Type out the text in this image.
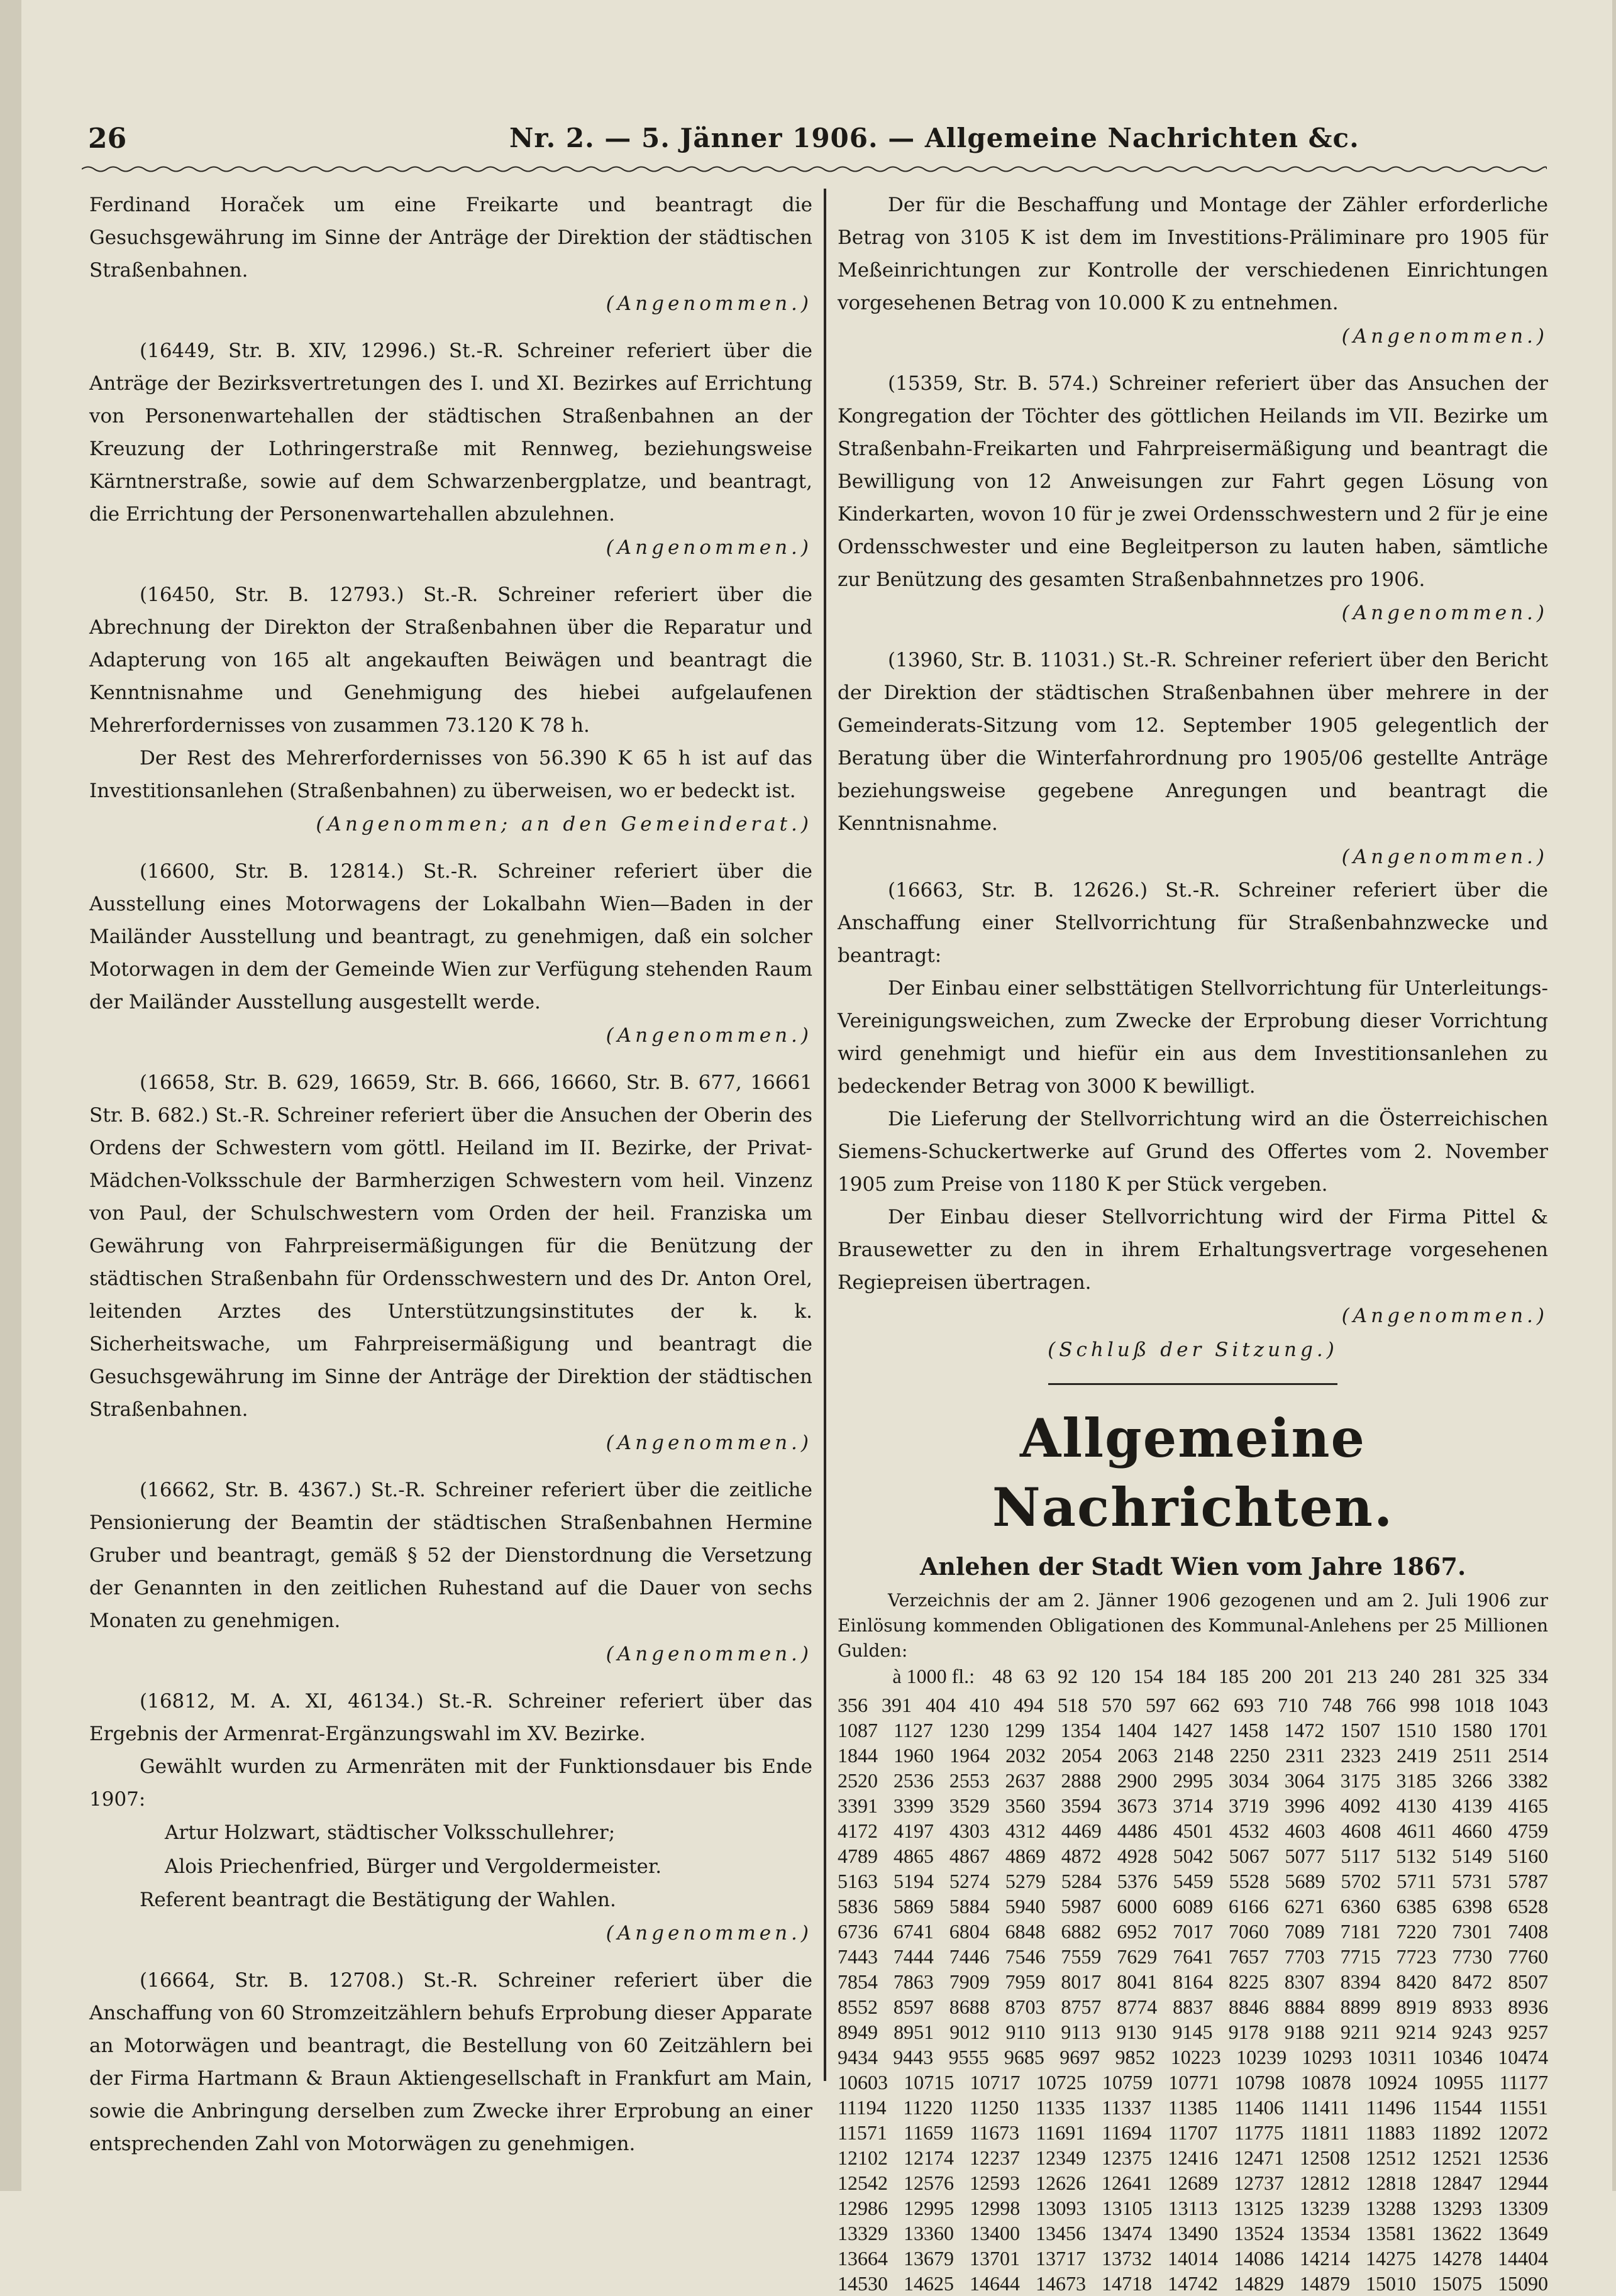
26	Nr. 2. — 5. Jänner 1906. — Allgemeine Nachrichten &c.

Ferdinand Horaček um eine Freikarte und beantragt die Gesuchsgewährung im Sinne der Anträge der Direktion der städtischen Straßenbahnen.

(Angenommen.)

(16449, Str. B. XIV, 12996.) St.-R. Schreiner referiert über die Anträge der Bezirksvertretungen des I. und XI. Bezirkes auf Errichtung von Personenwartehallen der städtischen Straßenbahnen an der Kreuzung der Lothringerstraße mit Rennweg, beziehungsweise Kärntnerstraße, sowie auf dem Schwarzenbergplatze, und beantragt, die Errichtung der Personenwartehallen abzulehnen.

(Angenommen.)

(16450, Str. B. 12793.) St.-R. Schreiner referiert über die Abrechnung der Direkton der Straßenbahnen über die Reparatur und Adapterung von 165 alt angekauften Beiwägen und beantragt die Kenntnisnahme und Genehmigung des hiebei aufgelaufenen Mehrerfordernisses von zusammen 73.120 K 78 h.

Der Rest des Mehrerfordernisses von 56.390 K 65 h ist auf das Investitionsanlehen (Straßenbahnen) zu überweisen, wo er bedeckt ist.

(Angenommen; an den Gemeinderat.)

(16600, Str. B. 12814.) St.-R. Schreiner referiert über die Ausstellung eines Motorwagens der Lokalbahn Wien—Baden in der Mailänder Ausstellung und beantragt, zu genehmigen, daß ein solcher Motorwagen in dem der Gemeinde Wien zur Verfügung stehenden Raum der Mailänder Ausstellung ausgestellt werde.

(Angenommen.)

(16658, Str. B. 629, 16659, Str. B. 666, 16660, Str. B. 677, 16661 Str. B. 682.) St.-R. Schreiner referiert über die Ansuchen der Oberin des Ordens der Schwestern vom göttl. Heiland im II. Bezirke, der Privat-Mädchen-Volksschule der Barmherzigen Schwestern vom heil. Vinzenz von Paul, der Schulschwestern vom Orden der heil. Franziska um Gewährung von Fahrpreisermäßigungen für die Benützung der städtischen Straßenbahn für Ordensschwestern und des Dr. Anton Orel, leitenden Arztes des Unterstützungsinstitutes der k. k. Sicherheitswache, um Fahrpreisermäßigung und beantragt die Gesuchsgewährung im Sinne der Anträge der Direktion der städtischen Straßenbahnen.

(Angenommen.)

(16662, Str. B. 4367.) St.-R. Schreiner referiert über die zeitliche Pensionierung der Beamtin der städtischen Straßenbahnen Hermine Gruber und beantragt, gemäß § 52 der Dienstordnung die Versetzung der Genannten in den zeitlichen Ruhestand auf die Dauer von sechs Monaten zu genehmigen.

(Angenommen.)

(16812, M. A. XI, 46134.) St.-R. Schreiner referiert über das Ergebnis der Armenrat-Ergänzungswahl im XV. Bezirke.

Gewählt wurden zu Armenräten mit der Funktionsdauer bis Ende 1907:

Artur Holzwart, städtischer Volksschullehrer;

Alois Priechenfried, Bürger und Vergoldermeister.

Referent beantragt die Bestätigung der Wahlen.

(Angenommen.)

(16664, Str. B. 12708.) St.-R. Schreiner referiert über die Anschaffung von 60 Stromzeitzählern behufs Erprobung dieser Apparate an Motorwägen und beantragt, die Bestellung von 60 Zeitzählern bei der Firma Hartmann & Braun Aktiengesellschaft in Frankfurt am Main, sowie die Anbringung derselben zum Zwecke ihrer Erprobung an einer entsprechenden Zahl von Motorwägen zu genehmigen.

Der für die Beschaffung und Montage der Zähler erforderliche Betrag von 3105 K ist dem im Investitions-Präliminare pro 1905 für Meßeinrichtungen zur Kontrolle der verschiedenen Einrichtungen vorgesehenen Betrag von 10.000 K zu entnehmen.

(Angenommen.)

(15359, Str. B. 574.) Schreiner referiert über das Ansuchen der Kongregation der Töchter des göttlichen Heilands im VII. Bezirke um Straßenbahn-Freikarten und Fahrpreisermäßigung und beantragt die Bewilligung von 12 Anweisungen zur Fahrt gegen Lösung von Kinderkarten, wovon 10 für je zwei Ordensschwestern und 2 für je eine Ordensschwester und eine Begleitperson zu lauten haben, sämtliche zur Benützung des gesamten Straßenbahnnetzes pro 1906.

(Angenommen.)

(13960, Str. B. 11031.) St.-R. Schreiner referiert über den Bericht der Direktion der städtischen Straßenbahnen über mehrere in der Gemeinderats-Sitzung vom 12. September 1905 gelegentlich der Beratung über die Winterfahrordnung pro 1905/06 gestellte Anträge beziehungsweise gegebene Anregungen und beantragt die Kenntnisnahme.

(Angenommen.)

(16663, Str. B. 12626.) St.-R. Schreiner referiert über die Anschaffung einer Stellvorrichtung für Straßenbahnzwecke und beantragt:

Der Einbau einer selbsttätigen Stellvorrichtung für Unterleitungs-Vereinigungsweichen, zum Zwecke der Erprobung dieser Vorrichtung wird genehmigt und hiefür ein aus dem Investitionsanlehen zu bedeckender Betrag von 3000 K bewilligt.

Die Lieferung der Stellvorrichtung wird an die Österreichischen Siemens-Schuckertwerke auf Grund des Offertes vom 2. November 1905 zum Preise von 1180 K per Stück vergeben.

Der Einbau dieser Stellvorrichtung wird der Firma Pittel & Brausewetter zu den in ihrem Erhaltungsvertrage vorgesehenen Regiepreisen übertragen.

(Angenommen.)

(Schluß der Sitzung.)

Allgemeine Nachrichten.
Anlehen der Stadt Wien vom Jahre 1867.

Verzeichnis der am 2. Jänner 1906 gezogenen und am 2. Juli 1906 zur Einlösung kommenden Obligationen des Kommunal-Anlehens per 25 Millionen Gulden:

à 1000 fl.: 48 63 92 120 154 184 185 200 201 213 240 281 325 334

356 391 404 410 494 518 570 597 662 693 710 748 766 998 1018 1043
1087 1127 1230 1299 1354 1404 1427 1458 1472 1507 1510 1580 1701
1844 1960 1964 2032 2054 2063 2148 2250 2311 2323 2419 2511 2514
2520 2536 2553 2637 2888 2900 2995 3034 3064 3175 3185 3266 3382
3391 3399 3529 3560 3594 3673 3714 3719 3996 4092 4130 4139 4165
4172 4197 4303 4312 4469 4486 4501 4532 4603 4608 4611 4660 4759
4789 4865 4867 4869 4872 4928 5042 5067 5077 5117 5132 5149 5160
5163 5194 5274 5279 5284 5376 5459 5528 5689 5702 5711 5731 5787
5836 5869 5884 5940 5987 6000 6089 6166 6271 6360 6385 6398 6528
6736 6741 6804 6848 6882 6952 7017 7060 7089 7181 7220 7301 7408
7443 7444 7446 7546 7559 7629 7641 7657 7703 7715 7723 7730 7760
7854 7863 7909 7959 8017 8041 8164 8225 8307 8394 8420 8472 8507
8552 8597 8688 8703 8757 8774 8837 8846 8884 8899 8919 8933 8936
8949 8951 9012 9110 9113 9130 9145 9178 9188 9211 9214 9243 9257
9434 9443 9555 9685 9697 9852 10223 10239 10293 10311 10346 10474
10603 10715 10717 10725 10759 10771 10798 10878 10924 10955 11177
11194 11220 11250 11335 11337 11385 11406 11411 11496 11544 11551
11571 11659 11673 11691 11694 11707 11775 11811 11883 11892 12072
12102 12174 12237 12349 12375 12416 12471 12508 12512 12521 12536
12542 12576 12593 12626 12641 12689 12737 12812 12818 12847 12944
12986 12995 12998 13093 13105 13113 13125 13239 13288 13293 13309
13329 13360 13400 13456 13474 13490 13524 13534 13581 13622 13649
13664 13679 13701 13717 13732 14014 14086 14214 14275 14278 14404
14530 14625 14644 14673 14718 14742 14829 14879 15010 15075 15090
